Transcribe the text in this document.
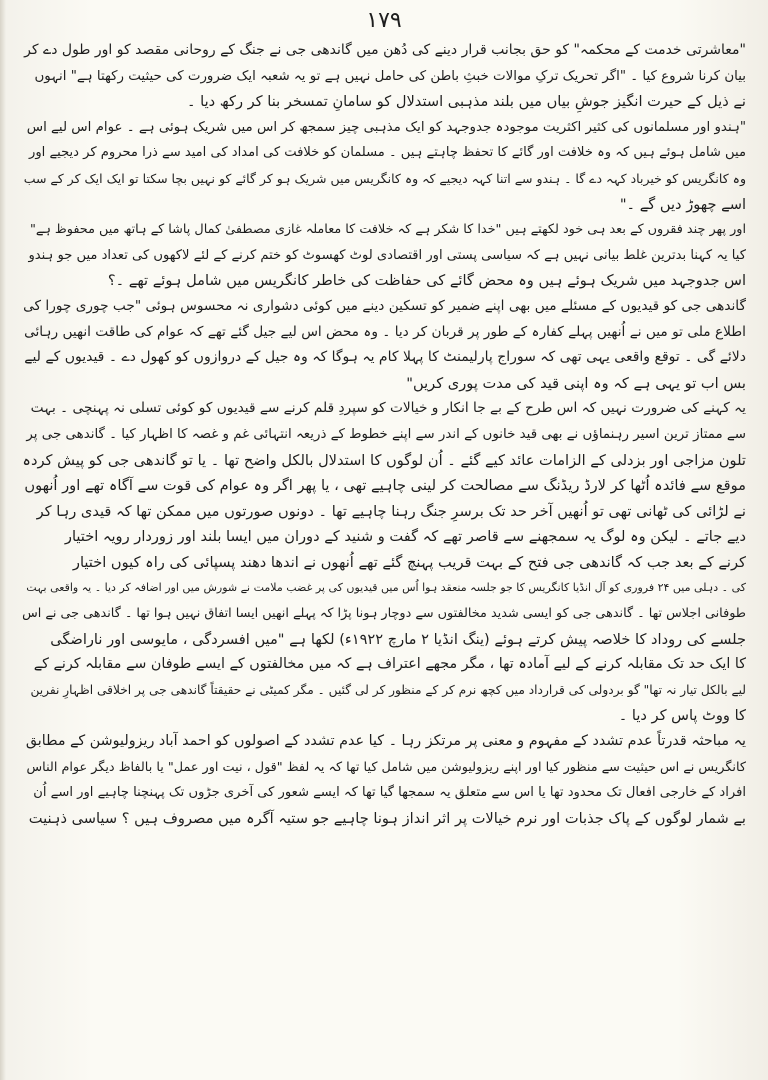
۱۷۹
"معاشرتی خدمت کے محکمہ" کو حق بجانب قرار دینے کی دُھن میں گاندھی جی نے جنگ کے روحانی مقصد کو اور طول دے کر
بیان کرنا شروع کیا ۔ "اگر تحریک ترکِ موالات خبثِ باطن کی حامل نہیں ہے تو یہ شعبہ ایک ضرورت کی حیثیت رکھتا ہے" انہوں
نے ذیل کے حیرت انگیز جوشِ بیاں میں بلند مذہبی استدلال کو سامانِ تمسخر بنا کر رکھ دیا ۔
"ہندو اور مسلمانوں کی کثیر اکثریت موجودہ جدوجہد کو ایک مذہبی چیز سمجھ کر اس میں شریک ہوئی ہے ۔ عوام اس لیے اس
میں شامل ہوئے ہیں کہ وہ خلافت اور گائے کا تحفظ چاہتے ہیں ۔ مسلمان کو خلافت کی امداد کی امید سے ذرا محروم کر دیجیے اور
وہ کانگریس کو خیرباد کہہ دے گا ۔ ہندو سے اتنا کہہ دیجیے کہ وہ کانگریس میں شریک ہو کر گائے کو نہیں بچا سکتا تو ایک ایک کر کے سب
اسے چھوڑ دیں گے ۔"
اور پھر چند فقروں کے بعد ہی خود لکھتے ہیں "خدا کا شکر ہے کہ خلافت کا معاملہ غازی مصطفیٰ کمال پاشا کے ہاتھ میں محفوظ ہے"
کیا یہ کہنا بدترین غلط بیانی نہیں ہے کہ سیاسی پستی اور اقتصادی لوٹ کھسوٹ کو ختم کرنے کے لئے لاکھوں کی تعداد میں جو ہندو
اس جدوجہد میں شریک ہوئے ہیں وہ محض گائے کی حفاظت کی خاطر کانگریس میں شامل ہوئے تھے ۔؟
گاندھی جی کو قیدیوں کے مسئلے میں بھی اپنے ضمیر کو تسکین دینے میں کوئی دشواری نہ محسوس ہوئی "جب چوری چورا کی
اطلاع ملی تو میں نے اُنھیں پہلے کفارہ کے طور پر قربان کر دیا ۔ وہ محض اس لیے جیل گئے تھے کہ عوام کی طاقت انھیں رہائی
دلائے گی ۔ توقع واقعی یہی تھی کہ سوراج پارلیمنٹ کا پہلا کام یہ ہوگا کہ وہ جیل کے دروازوں کو کھول دے ۔ قیدیوں کے لیے
بس اب تو یہی ہے کہ وہ اپنی قید کی مدت پوری کریں"
یہ کہنے کی ضرورت نہیں کہ اس طرح کے بے جا انکار و خیالات کو سپردِ قلم کرنے سے قیدیوں کو کوئی تسلی نہ پہنچی ۔ بہت
سے ممتاز ترین اسیر رہنماؤں نے بھی قید خانوں کے اندر سے اپنے خطوط کے ذریعہ انتہائی غم و غصہ کا اظہار کیا ۔ گاندھی جی پر
تلون مزاجی اور بزدلی کے الزامات عائد کیے گئے ۔ اُن لوگوں کا استدلال بالکل واضح تھا ۔ یا تو گاندھی جی کو پیش کردہ
موقع سے فائدہ اُٹھا کر لارڈ ریڈنگ سے مصالحت کر لینی چاہیے تھی ، یا پھر اگر وہ عوام کی قوت سے آگاہ تھے اور اُنھوں
نے لڑائی کی ٹھانی تھی تو اُنھیں آخر حد تک برسرِ جنگ رہنا چاہیے تھا ۔ دونوں صورتوں میں ممکن تھا کہ قیدی رہا کر
دیے جاتے ۔ لیکن وہ لوگ یہ سمجھنے سے قاصر تھے کہ گفت و شنید کے دوران میں ایسا بلند اور زوردار رویہ اختیار
کرنے کے بعد جب کہ گاندھی جی فتح کے بہت قریب پہنچ گئے تھے اُنھوں نے اندھا دھند پسپائی کی راہ کیوں اختیار
کی ۔ دہلی میں ۲۴ فروری کو آل انڈیا کانگریس کا جو جلسہ منعقد ہوا اُس میں قیدیوں کی پر غضب ملامت نے شورش میں اور اضافہ کر دیا ۔ یہ واقعی بہت
طوفانی اجلاس تھا ۔ گاندھی جی کو ایسی شدید مخالفتوں سے دوچار ہونا پڑا کہ پہلے انھیں ایسا اتفاق نہیں ہوا تھا ۔ گاندھی جی نے اس
جلسے کی روداد کا خلاصہ پیش کرتے ہوئے (ینگ انڈیا ۲ مارچ ۱۹۲۲ء) لکھا ہے "میں افسردگی ، مایوسی اور ناراضگی
کا ایک حد تک مقابلہ کرنے کے لیے آمادہ تھا ، مگر مجھے اعتراف ہے کہ میں مخالفتوں کے ایسے طوفان سے مقابلہ کرنے کے
لیے بالکل تیار نہ تھا" گو بردولی کی قرارداد میں کچھ نرم کر کے منظور کر لی گئیں ۔ مگر کمیٹی نے حقیقتاً گاندھی جی پر اخلاقی اظہارِ نفرین
کا ووٹ پاس کر دیا ۔
یہ مباحثہ قدرتاً عدم تشدد کے مفہوم و معنی پر مرتکز رہا ۔ کیا عدم تشدد کے اصولوں کو احمد آباد ریزولیوشن کے مطابق
کانگریس نے اس حیثیت سے منظور کیا اور اپنے ریزولیوشن میں شامل کیا تھا کہ یہ لفظ "قول ، نیت اور عمل" یا بالفاظ دیگر عوام الناس
افراد کے خارجی افعال تک محدود تھا یا اس سے متعلق یہ سمجھا گیا تھا کہ ایسے شعور کی آخری جڑوں تک پہنچنا چاہیے اور اسے اُن
بے شمار لوگوں کے پاک جذبات اور نرم خیالات پر اثر انداز ہونا چاہیے جو ستیہ آگرہ میں مصروف ہیں ؟ سیاسی ذہنیت
